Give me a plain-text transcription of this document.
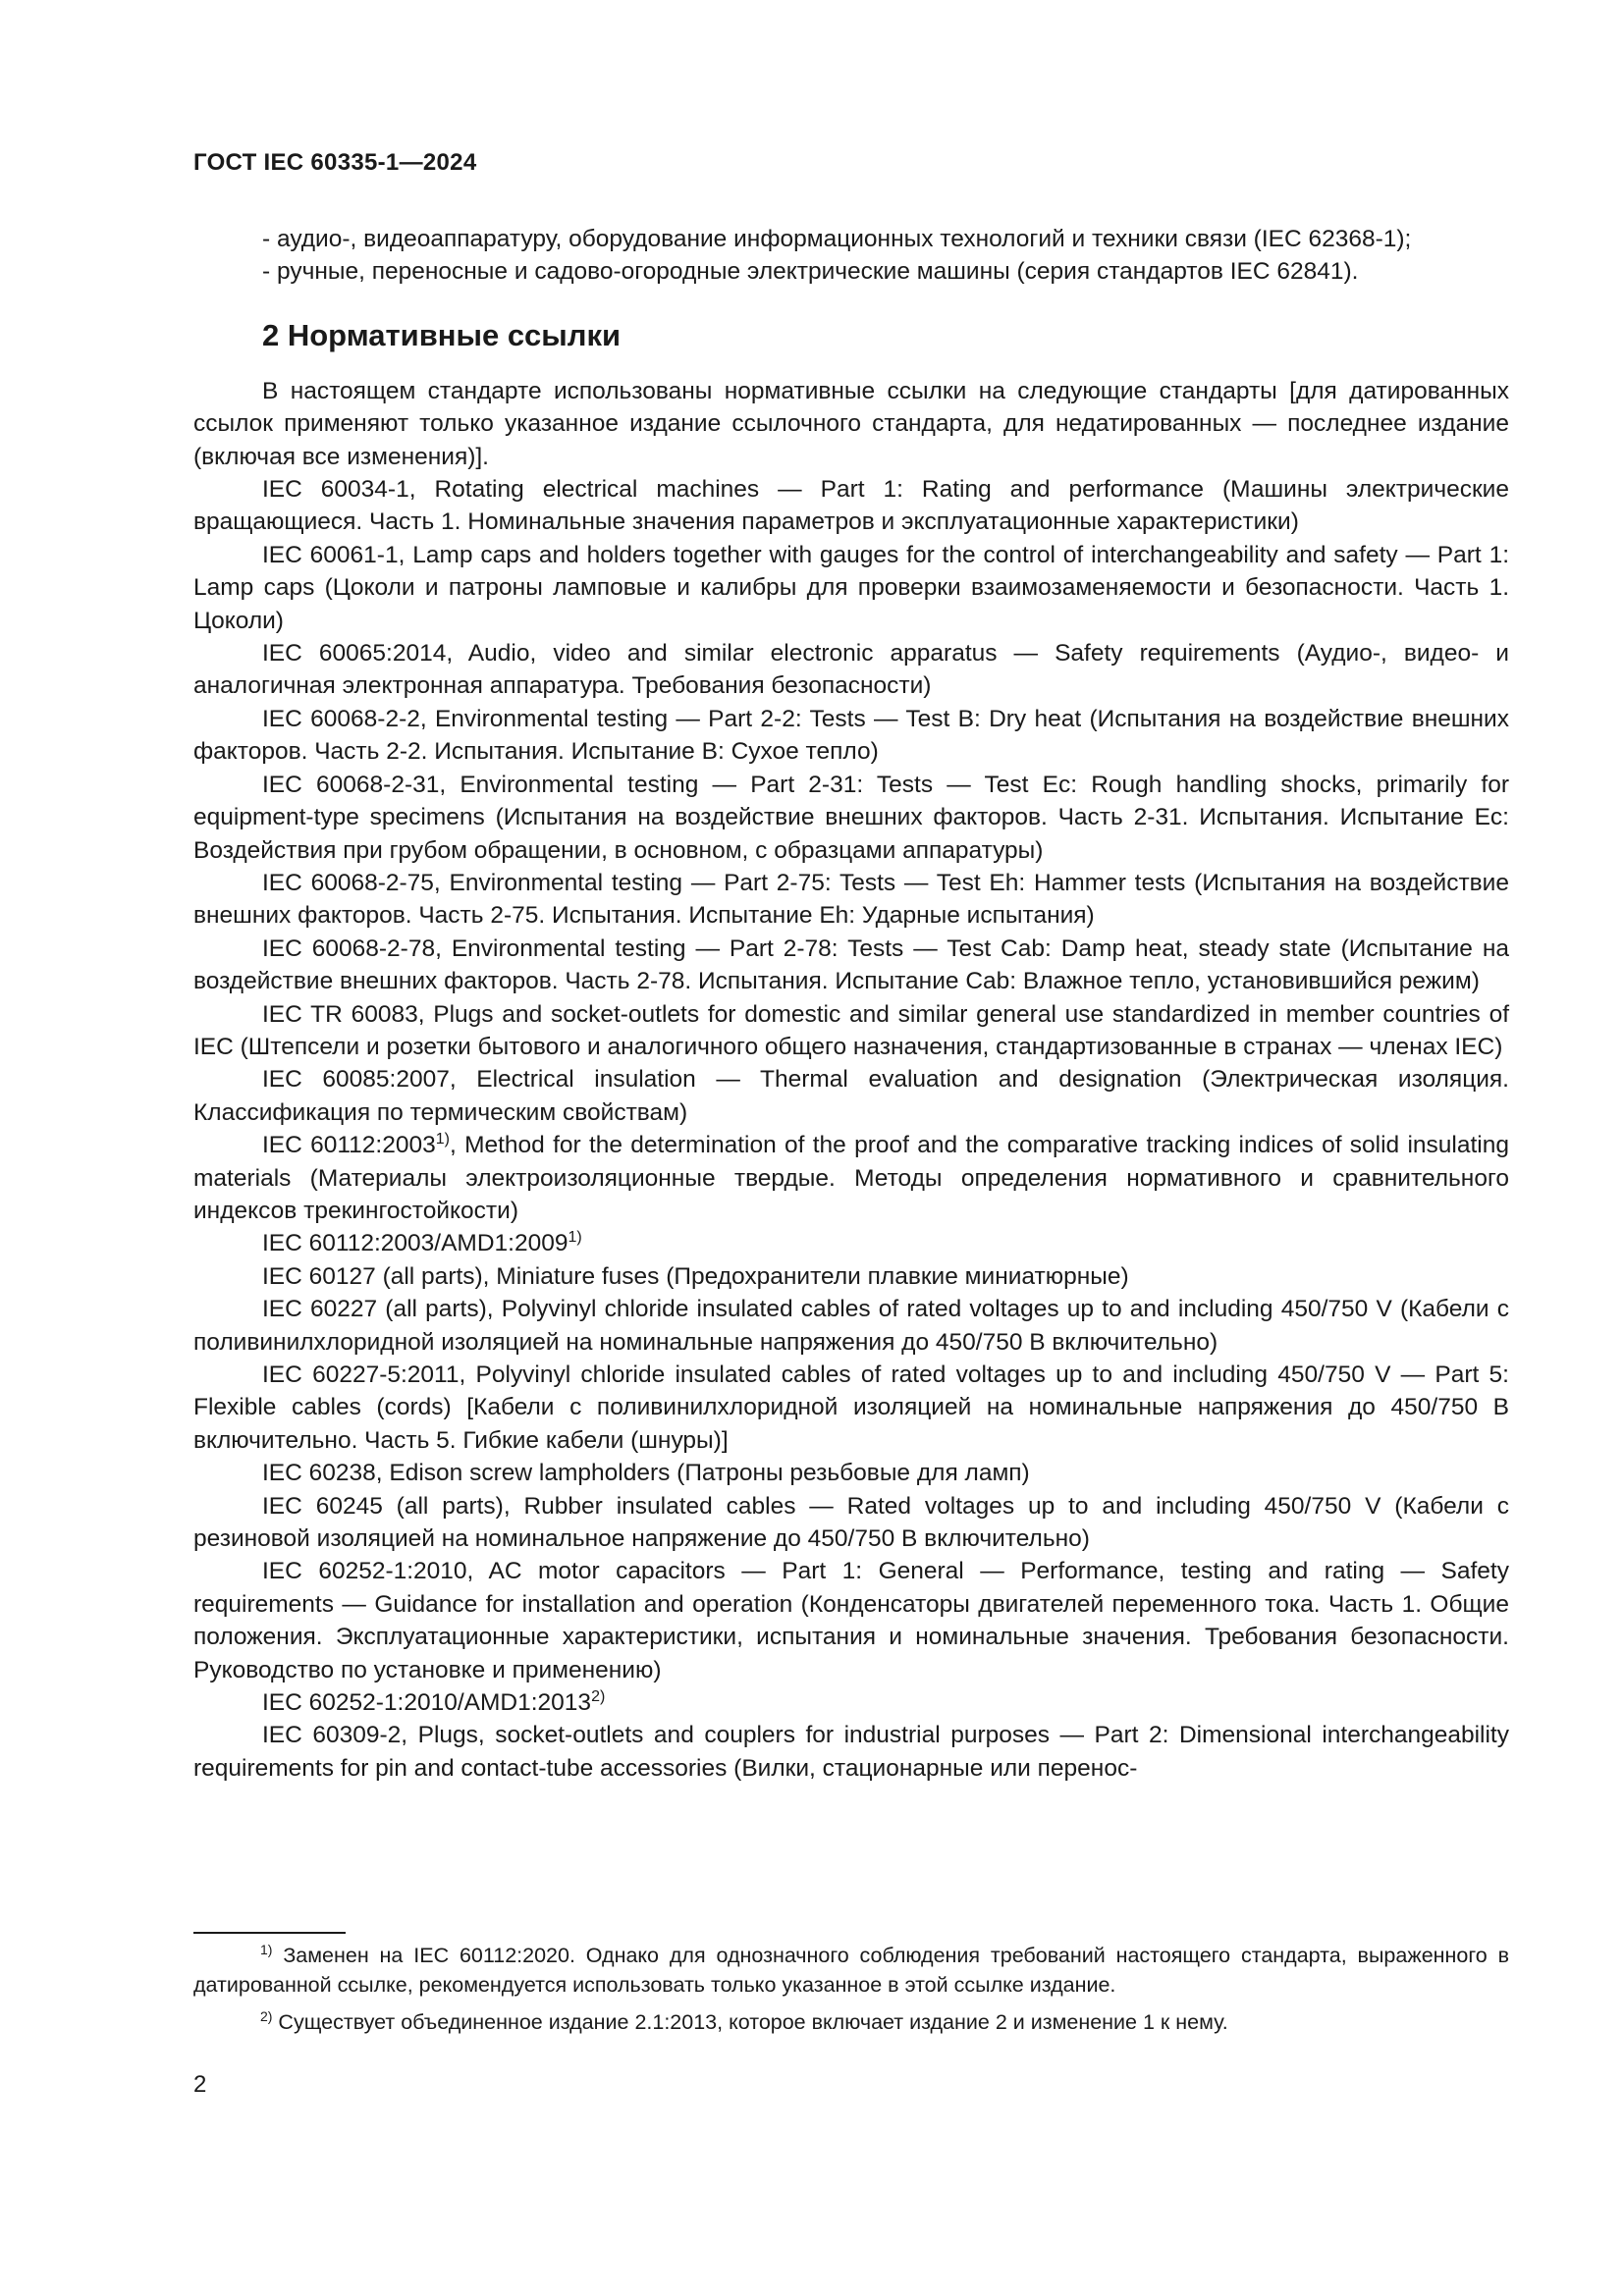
ГОСТ IEC 60335-1—2024

- аудио-, видеоаппаратуру, оборудование информационных технологий и техники связи (IEC 62368-1);

- ручные, переносные и садово-огородные электрические машины (серия стандартов IEC 62841).

2 Нормативные ссылки

В настоящем стандарте использованы нормативные ссылки на следующие стандарты [для датированных ссылок применяют только указанное издание ссылочного стандарта, для недатированных — последнее издание (включая все изменения)].

IEC 60034-1, Rotating electrical machines — Part 1: Rating and performance (Машины электрические вращающиеся. Часть 1. Номинальные значения параметров и эксплуатационные характеристики)

IEC 60061-1, Lamp caps and holders together with gauges for the control of interchangeability and safety — Part 1: Lamp caps (Цоколи и патроны ламповые и калибры для проверки взаимозаменяемости и безопасности. Часть 1. Цоколи)

IEC 60065:2014, Audio, video and similar electronic apparatus — Safety requirements (Аудио-, видео- и аналогичная электронная аппаратура. Требования безопасности)

IEC 60068-2-2, Environmental testing — Part 2-2: Tests — Test B: Dry heat (Испытания на воздействие внешних факторов. Часть 2-2. Испытания. Испытание B: Сухое тепло)

IEC 60068-2-31, Environmental testing — Part 2-31: Tests — Test Ec: Rough handling shocks, primarily for equipment-type specimens (Испытания на воздействие внешних факторов. Часть 2-31. Испытания. Испытание Ec: Воздействия при грубом обращении, в основном, с образцами аппаратуры)

IEC 60068-2-75, Environmental testing — Part 2-75: Tests — Test Eh: Hammer tests (Испытания на воздействие внешних факторов. Часть 2-75. Испытания. Испытание Eh: Ударные испытания)

IEC 60068-2-78, Environmental testing — Part 2-78: Tests — Test Cab: Damp heat, steady state (Испытание на воздействие внешних факторов. Часть 2-78. Испытания. Испытание Cab: Влажное тепло, установившийся режим)

IEC TR 60083, Plugs and socket-outlets for domestic and similar general use standardized in member countries of IEC (Штепсели и розетки бытового и аналогичного общего назначения, стандартизованные в странах — членах IEC)

IEC 60085:2007, Electrical insulation — Thermal evaluation and designation (Электрическая изоляция. Классификация по термическим свойствам)

IEC 60112:2003$^{1)}$, Method for the determination of the proof and the comparative tracking indices of solid insulating materials (Материалы электроизоляционные твердые. Методы определения нормативного и сравнительного индексов трекингостойкости)

IEC 60112:2003/AMD1:2009$^{1)}$

IEC 60127 (all parts), Miniature fuses (Предохранители плавкие миниатюрные)

IEC 60227 (all parts), Polyvinyl chloride insulated cables of rated voltages up to and including 450/750 V (Кабели с поливинилхлоридной изоляцией на номинальные напряжения до 450/750 В включительно)

IEC 60227-5:2011, Polyvinyl chloride insulated cables of rated voltages up to and including 450/750 V — Part 5: Flexible cables (cords) [Кабели с поливинилхлоридной изоляцией на номинальные напряжения до 450/750 В включительно. Часть 5. Гибкие кабели (шнуры)]

IEC 60238, Edison screw lampholders (Патроны резьбовые для ламп)

IEC 60245 (all parts), Rubber insulated cables — Rated voltages up to and including 450/750 V (Кабели с резиновой изоляцией на номинальное напряжение до 450/750 В включительно)

IEC 60252-1:2010, AC motor capacitors — Part 1: General — Performance, testing and rating — Safety requirements — Guidance for installation and operation (Конденсаторы двигателей переменного тока. Часть 1. Общие положения. Эксплуатационные характеристики, испытания и номинальные значения. Требования безопасности. Руководство по установке и применению)

IEC 60252-1:2010/AMD1:2013$^{2)}$

IEC 60309-2, Plugs, socket-outlets and couplers for industrial purposes — Part 2: Dimensional interchangeability requirements for pin and contact-tube accessories (Вилки, стационарные или перенос-

$^{1)}$ Заменен на IEC 60112:2020. Однако для однозначного соблюдения требований настоящего стандарта, выраженного в датированной ссылке, рекомендуется использовать только указанное в этой ссылке издание.

$^{2)}$ Существует объединенное издание 2.1:2013, которое включает издание 2 и изменение 1 к нему.

2
